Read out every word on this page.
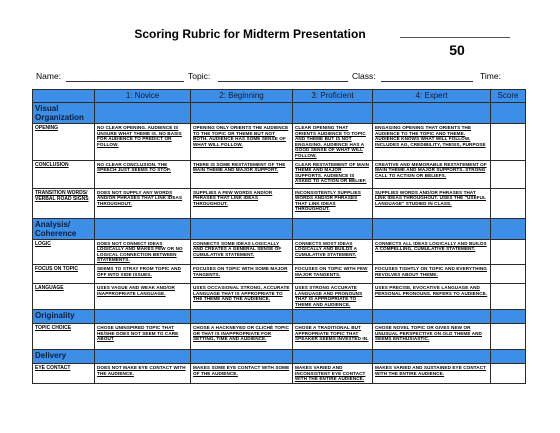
Scoring Rubric for Midterm Presentation
50
Name:	Topic:	Class:	Time:
	1: Novice	2: Beginning	3: Proficient	4: Expert	Score
Visual Organization					
OPENING	NO CLEAR OPENING. AUDIENCE IS UNSURE WHAT THEME IS. NO BASIS FOR AUDIENCE TO PREDICT OR FOLLOW.	OPENING ONLY ORIENTS THE AUDIENCE TO THE TOPIC OR THEME BUT NOT BOTH. AUDIENCE HAS SOME SENSE OF WHAT WILL FOLLOW.	CLEAR OPENING THAT ORIENTS AUDIENCE TO TOPIC AND THEME BUT IS NOT ENGAGING. AUDIENCE HAS A GOOD SENSE OF WHAT WILL FOLLOW.	ENGAGING OPENING THAT ORIENTS THE AUDIENCE TO THE TOPIC AND THEME. AUDIENCE KNOWS WHAT WILL FOLLOW. INCLUDES AG, CREDIBILITY, THESIS, PURPOSE	
CONCLUSION	NO CLEAR CONCLUSION. THE SPEECH JUST SEEMS TO STOP.	THERE IS SOME RESTATEMENT OF THE MAIN THEME AND MAJOR SUPPORT.	CLEAR RESTATEMENT OF MAIN THEME AND MAJOR SUPPORTS. AUDIENCE IS ASKED TO ACTION OR BELIEF.	CREATIVE AND MEMORABLE RESTATEMENT OF MAIN THEME AND MAJOR SUPPORTS. STRONG CALL TO ACTION OR BELIEFS.	
TRANSITION WORDS/ VERBAL ROAD SIGNS	DOES NOT SUPPLY ANY WORDS AND/OR PHRASES THAT LINK IDEAS THROUGHOUT.	SUPPLIES A FEW WORDS AND/OR PHRASES THAT LINK IDEAS THROUGHOUT.	INCONSISTENTLY SUPPLIES WORDS AND/OR PHRASES THAT LINK IDEAS THROUGHOUT.	SUPPLIES WORDS AND/OR PHRASES THAT LINK IDEAS THROUGHOUT. USES THE "USEFUL LANGUAGE" STUDIED IN CLASS.	
Analysis/ Coherence					
LOGIC	DOES NOT CONNECT IDEAS LOGICALLY AND MAKES FEW OR NO LOGICAL CONNECTION BETWEEN STATEMENTS.	CONNECTS SOME IDEAS LOGICALLY AND CREATES A GENERAL SENSE OF CUMULATIVE STATEMENT.	CONNECTS MOST IDEAS LOGICALLY AND BUILDS A CUMULATIVE STATEMENT.	CONNECTS ALL IDEAS LOGICALLY AND BUILDS A COMPELLING, CUMULATIVE STATEMENT.	
FOCUS ON TOPIC	SEEMS TO STRAY FROM TOPIC AND OFF INTO SIDE ISSUES.	FOCUSES ON TOPIC WITH SOME MAJOR TANGENTS.	FOCUSES ON TOPIC WITH FEW MAJOR TANGENTS.	FOCUSES TIGHTLY ON TOPIC AND EVERYTHING REVOLVES ABOUT THEME.	
LANGUAGE	USES VAGUE AND WEAK AND/OR INAPPROPRIATE LANGUAGE.	USES OCCASIONAL STRONG, ACCURATE LANGUAGE THAT IS APPROPRIATE TO THE THEME AND THE AUDIENCE.	USES STRONG ACCURATE LANGUAGE AND PRONOUNS THAT IS APPROPRIATE TO THEME AND AUDIENCE.	USES PRECISE, EVOCATIVE LANGUAGE AND PERSONAL PRONOUNS. REFERS TO AUDIENCE.	
Originality					
TOPIC CHOICE	CHOSE UNINSPIRED TOPIC THAT HE/SHE DOES NOT SEEM TO CARE ABOUT	CHOSE A HACKNEYED OR CLICHÉ TOPIC OR THAT IS INAPPROPRIATE FOR SETTING, TIME AND AUDIENCE.	CHOSE A TRADITIONAL BUT APPROPRIATE TOPIC THAT SPEAKER SEEMS INVESTED IN.	CHOSE NOVEL TOPIC OR GIVES NEW OR UNUSUAL PERSPECTIVE ON OLD THEME AND SEEMS ENTHUSIASTIC.	
Delivery					
EYE CONTACT	DOES NOT MAKE EYE CONTACT WITH THE AUDIENCE.	MAKES SOME EYE CONTACT WITH SOME OF THE AUDIENCE.	MAKES VARIED AND INCONSISTENT EYE CONTACT WITH THE ENTIRE AUDIENCE.	MAKES VARIED AND SUSTAINED EYE CONTACT WITH THE ENTIRE AUDIENCE.	
